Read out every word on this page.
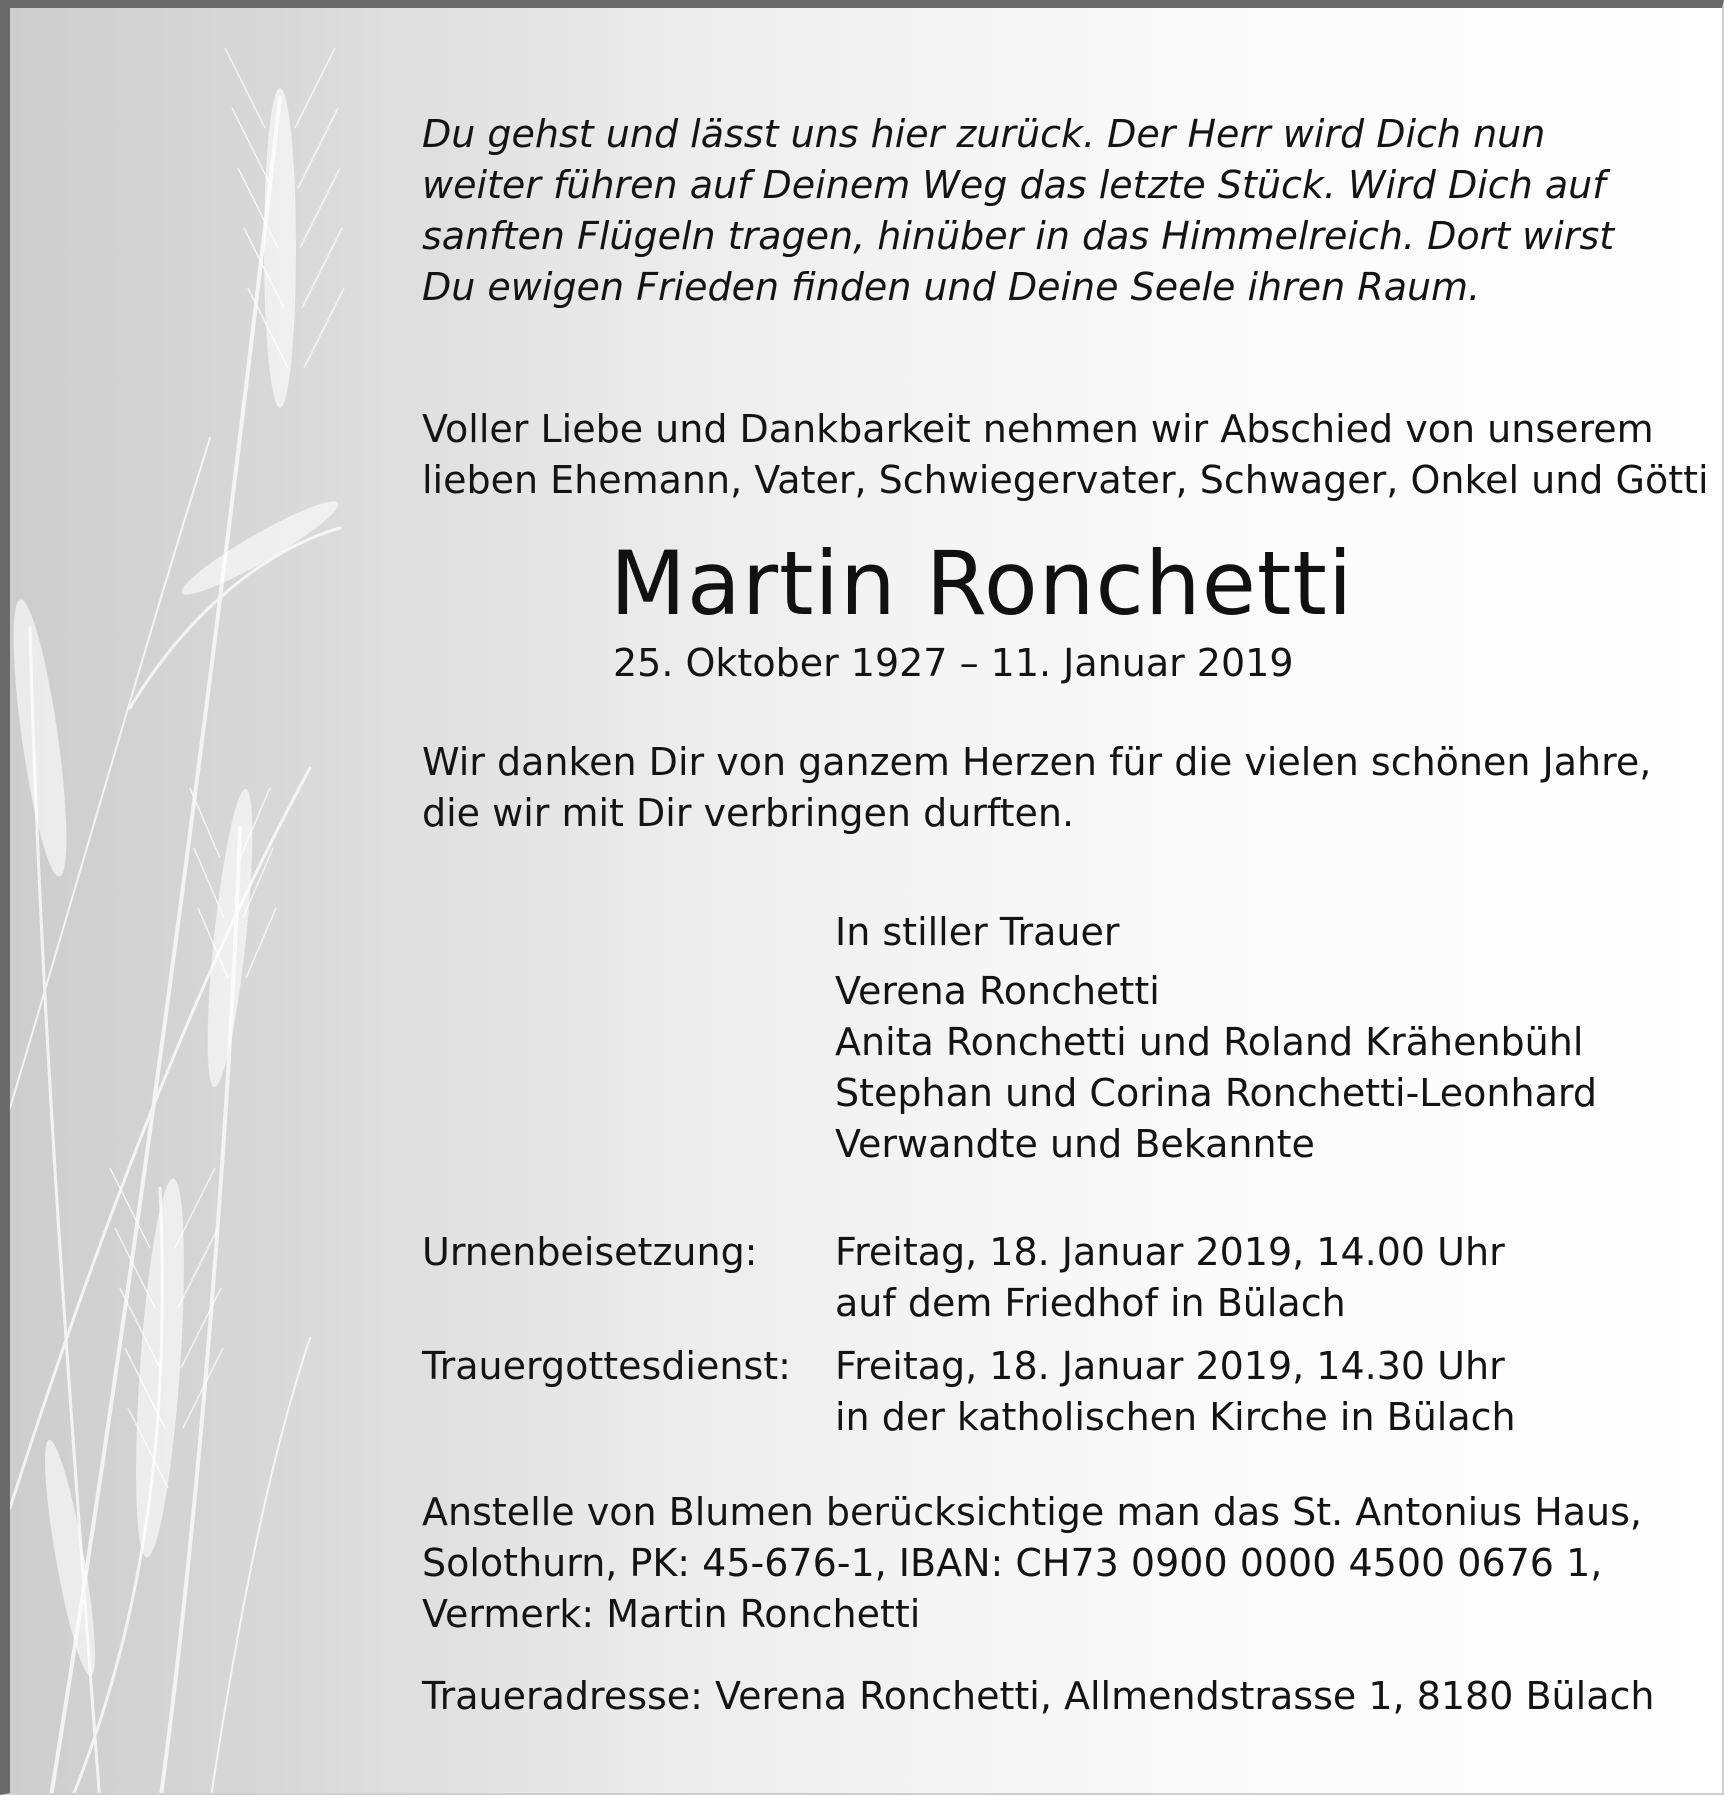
Du gehst und lässt uns hier zurück. Der Herr wird Dich nun
weiter führen auf Deinem Weg das letzte Stück. Wird Dich auf
sanften Flügeln tragen, hinüber in das Himmelreich. Dort wirst
Du ewigen Frieden finden und Deine Seele ihren Raum.
Voller Liebe und Dankbarkeit nehmen wir Abschied von unserem
lieben Ehemann, Vater, Schwiegervater, Schwager, Onkel und Götti
Martin Ronchetti
25. Oktober 1927 – 11. Januar 2019
Wir danken Dir von ganzem Herzen für die vielen schönen Jahre,
die wir mit Dir verbringen durften.
In stiller Trauer
Verena Ronchetti
Anita Ronchetti und Roland Krähenbühl
Stephan und Corina Ronchetti-Leonhard
Verwandte und Bekannte
Urnenbeisetzung: Freitag, 18. Januar 2019, 14.00 Uhr
auf dem Friedhof in Bülach
Trauergottesdienst: Freitag, 18. Januar 2019, 14.30 Uhr
in der katholischen Kirche in Bülach
Anstelle von Blumen berücksichtige man das St. Antonius Haus,
Solothurn, PK: 45-676-1, IBAN: CH73 0900 0000 4500 0676 1,
Vermerk: Martin Ronchetti
Traueradresse: Verena Ronchetti, Allmendstrasse 1, 8180 Bülach
